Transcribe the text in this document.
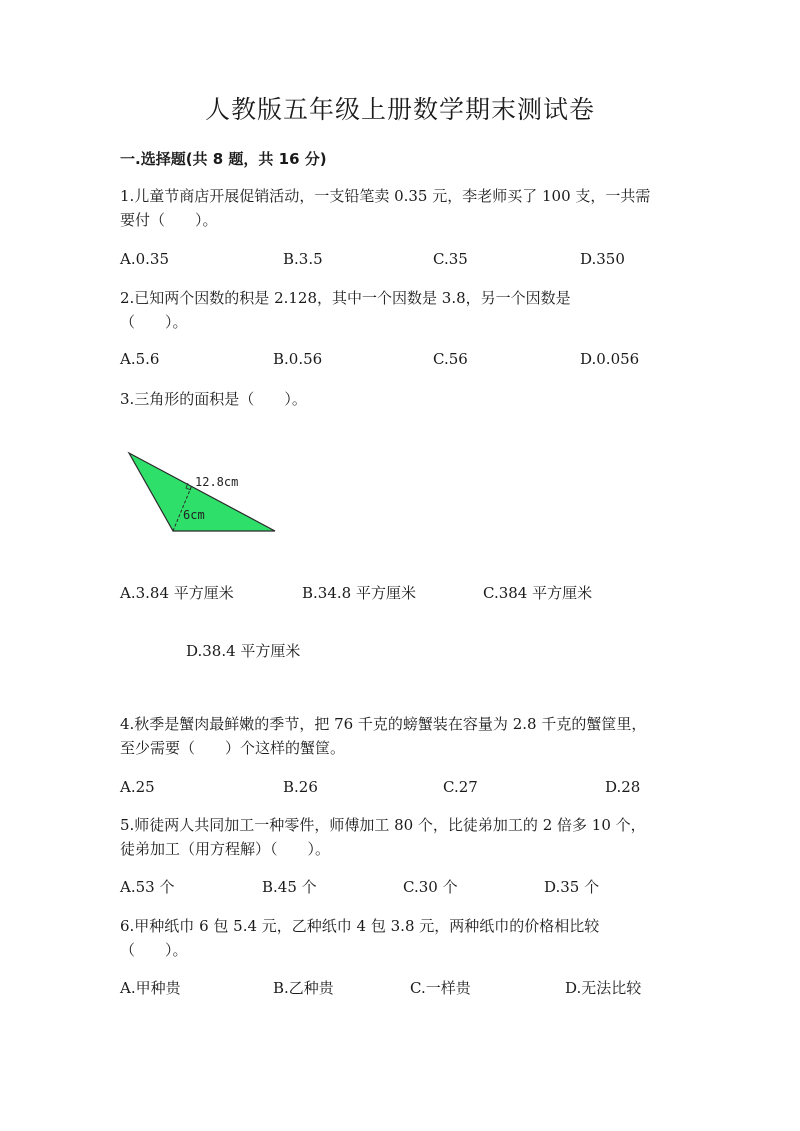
人教版五年级上册数学期末测试卷
一.选择题(共 8 题，共 16 分)
1.儿童节商店开展促销活动，一支铅笔卖 0.35 元，李老师买了 100 支，一共需
要付（　　）。
A.0.35	B.3.5	C.35	D.350
2.已知两个因数的积是 2.128，其中一个因数是 3.8，另一个因数是
（　　）。
A.5.6	B.0.56	C.56	D.0.056
3.三角形的面积是（　　）。
12.8cm
6cm
A.3.84 平方厘米	B.34.8 平方厘米	C.384 平方厘米
D.38.4 平方厘米
4.秋季是蟹肉最鲜嫩的季节，把 76 千克的螃蟹装在容量为 2.8 千克的蟹筐里，
至少需要（　　）个这样的蟹筐。
A.25	B.26	C.27	D.28
5.师徒两人共同加工一种零件，师傅加工 80 个，比徒弟加工的 2 倍多 10 个，
徒弟加工（用方程解）（　　）。
A.53 个	B.45 个	C.30 个	D.35 个
6.甲种纸巾 6 包 5.4 元，乙种纸巾 4 包 3.8 元，两种纸巾的价格相比较
（　　）。
A.甲种贵	B.乙种贵	C.一样贵	D.无法比较
